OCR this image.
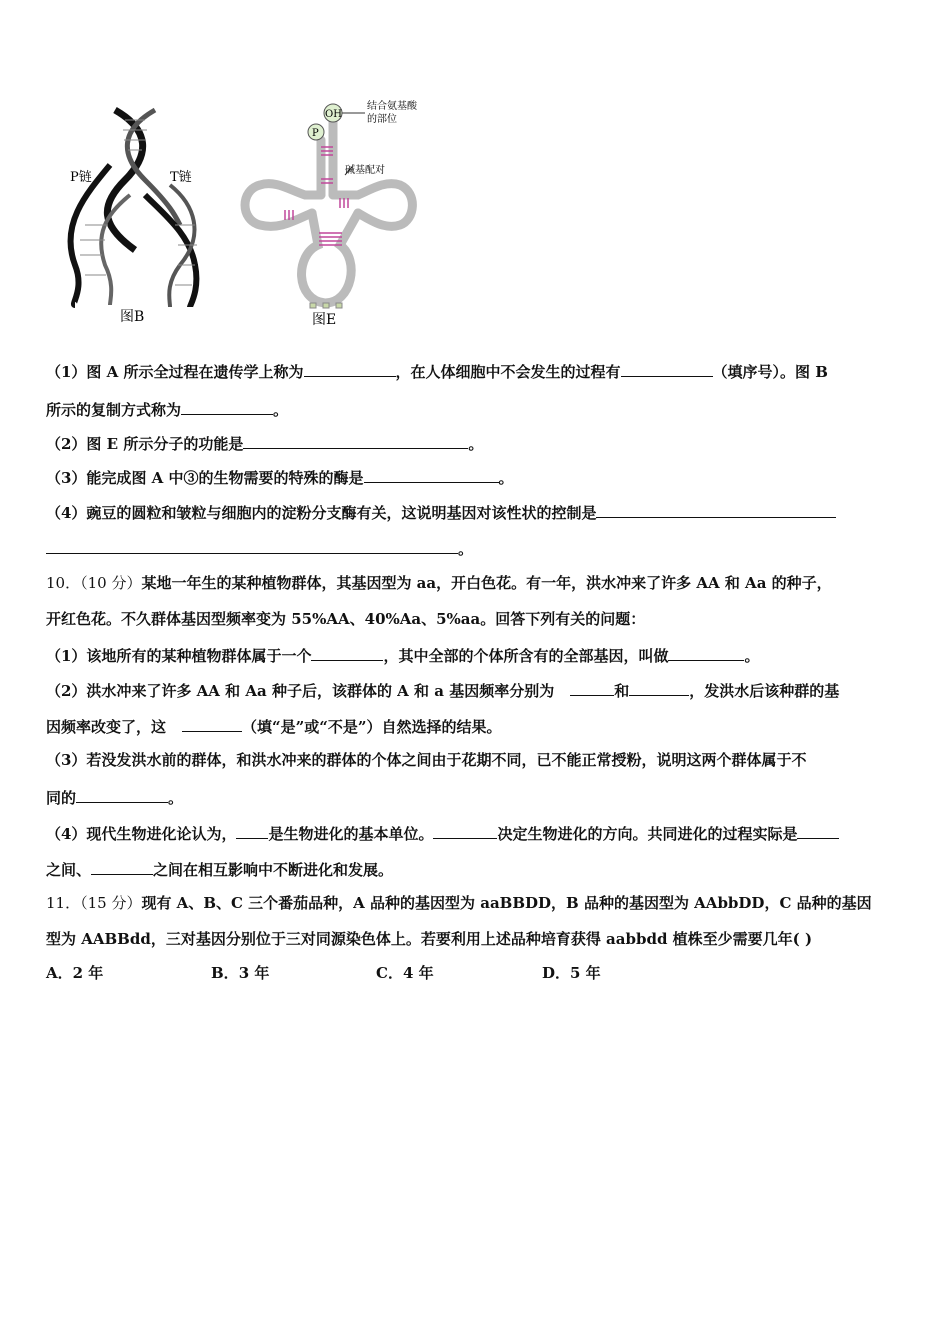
P链	T链
图B
OH
P
结合氨基酸
的部位
碱基配对
图E
（1）图 A 所示全过程在遗传学上称为	，在人体细胞中不会发生的过程有	（填序号）。图 B
所示的复制方式称为	。
（2）图 E 所示分子的功能是	。
（3）能完成图 A 中③的生物需要的特殊的酶是	。
（4）豌豆的圆粒和皱粒与细胞内的淀粉分支酶有关，这说明基因对该性状的控制是
。
10．（10 分）某地一年生的某种植物群体，其基因型为 aa，开白色花。有一年，洪水冲来了许多 AA 和 Aa 的种子，
开红色花。不久群体基因型频率变为 55%AA、40%Aa、5%aa。回答下列有关的问题：
（1）该地所有的某种植物群体属于一个	，其中全部的个体所含有的全部基因，叫做	。
（2）洪水冲来了许多 AA 和 Aa 种子后，该群体的 A 和 a 基因频率分别为	和	，发洪水后该种群的基
因频率改变了，这	（填“是”或“不是”）自然选择的结果。
（3）若没发洪水前的群体，和洪水冲来的群体的个体之间由于花期不同，已不能正常授粉，说明这两个群体属于不
同的	。
（4）现代生物进化论认为， 是生物进化的基本单位。	决定生物进化的方向。共同进化的过程实际是
之间、	之间在相互影响中不断进化和发展。
11．（15 分）现有 A、B、C 三个番茄品种，A 品种的基因型为 aaBBDD，B 品种的基因型为 AAbbDD，C 品种的基因
型为 AABBdd，三对基因分别位于三对同源染色体上。若要利用上述品种培育获得 aabbdd 植株至少需要几年( )
A．2 年	B．3 年	C．4 年	D．5 年
